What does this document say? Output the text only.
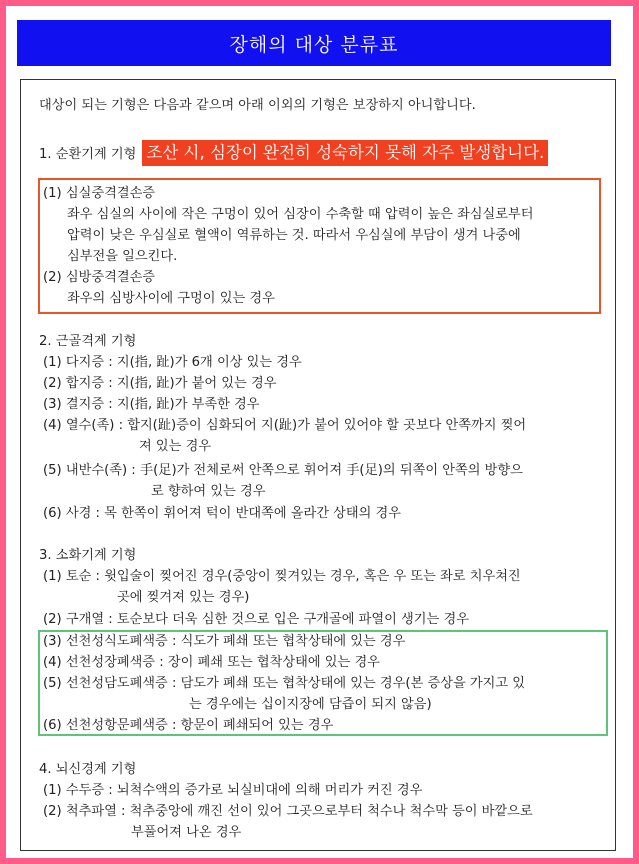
장해의 대상 분류표
대상이 되는 기형은 다음과 같으며 아래 이외의 기형은 보장하지 아니합니다.
1. 순환기계 기형 조산 시, 심장이 완전히 성숙하지 못해 자주 발생합니다.
(1) 심실중격결손증
좌우 심실의 사이에 작은 구멍이 있어 심장이 수축할 때 압력이 높은 좌심실로부터
압력이 낮은 우심실로 혈액이 역류하는 것. 따라서 우심실에 부담이 생겨 나중에
심부전을 일으킨다.
(2) 심방중격결손증
좌우의 심방사이에 구멍이 있는 경우
2. 근골격계 기형
(1) 다지증 : 지(指, 趾)가 6개 이상 있는 경우
(2) 합지증 : 지(指, 趾)가 붙어 있는 경우
(3) 결지증 : 지(指, 趾)가 부족한 경우
(4) 열수(족) : 합지(趾)증이 심화되어 지(趾)가 붙어 있어야 할 곳보다 안쪽까지 찢어
져 있는 경우
(5) 내반수(족) : 手(足)가 전체로써 안쪽으로 휘어져 手(足)의 뒤쪽이 안쪽의 방향으
로 향하여 있는 경우
(6) 사경 : 목 한쪽이 휘어져 턱이 반대쪽에 올라간 상태의 경우
3. 소화기계 기형
(1) 토순 : 윗입술이 찢어진 경우(중앙이 찢겨있는 경우, 혹은 우 또는 좌로 치우쳐진
곳에 찢겨져 있는 경우)
(2) 구개열 : 토순보다 더욱 심한 것으로 입은 구개골에 파열이 생기는 경우
(3) 선천성식도폐색증 : 식도가 폐쇄 또는 협착상태에 있는 경우
(4) 선천성장폐색증 : 장이 폐쇄 또는 협착상태에 있는 경우
(5) 선천성담도폐색증 : 담도가 폐쇄 또는 협착상태에 있는 경우(본 증상을 가지고 있
는 경우에는 십이지장에 담즙이 되지 않음)
(6) 선천성항문폐색증 : 항문이 폐쇄되어 있는 경우
4. 뇌신경계 기형
(1) 수두증 : 뇌척수액의 증가로 뇌실비대에 의해 머리가 커진 경우
(2) 척추파열 : 척추중앙에 깨진 선이 있어 그곳으로부터 척수나 척수막 등이 바깥으로
부풀어져 나온 경우
